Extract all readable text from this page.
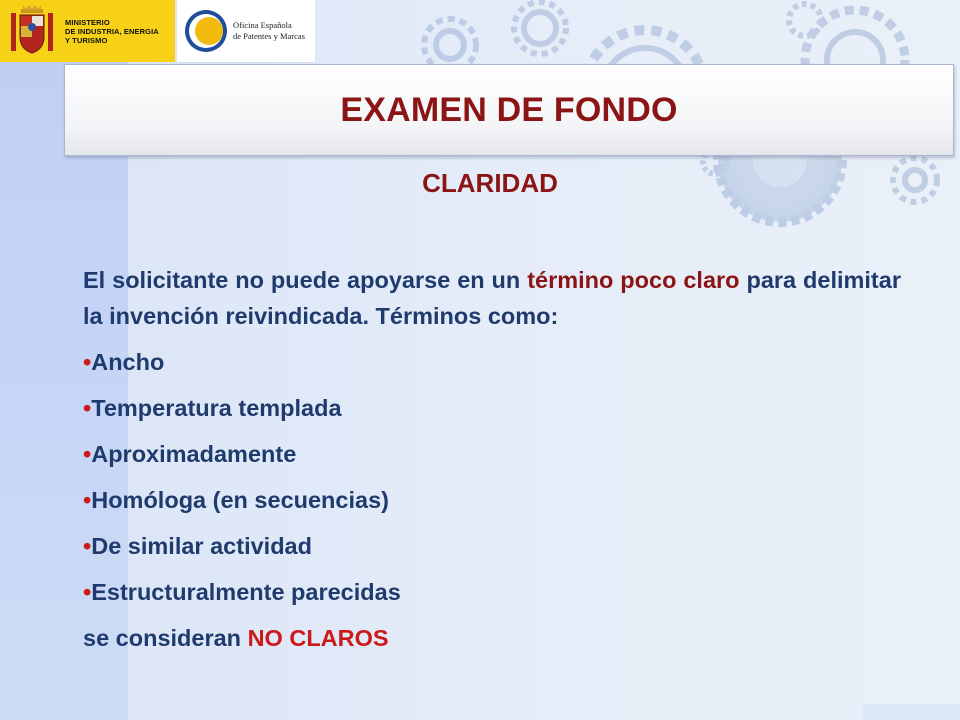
MINISTERIO
DE INDUSTRIA, ENERGIA
Y TURISMO
Oficina Española
de Patentes y Marcas
EXAMEN DE FONDO
CLARIDAD

El solicitante no puede apoyarse en un término poco claro para delimitar la invención reivindicada. Términos como:

•Ancho
•Temperatura templada
•Aproximadamente
•Homóloga (en secuencias)
•De similar actividad
•Estructuralmente parecidas
se consideran NO CLAROS
